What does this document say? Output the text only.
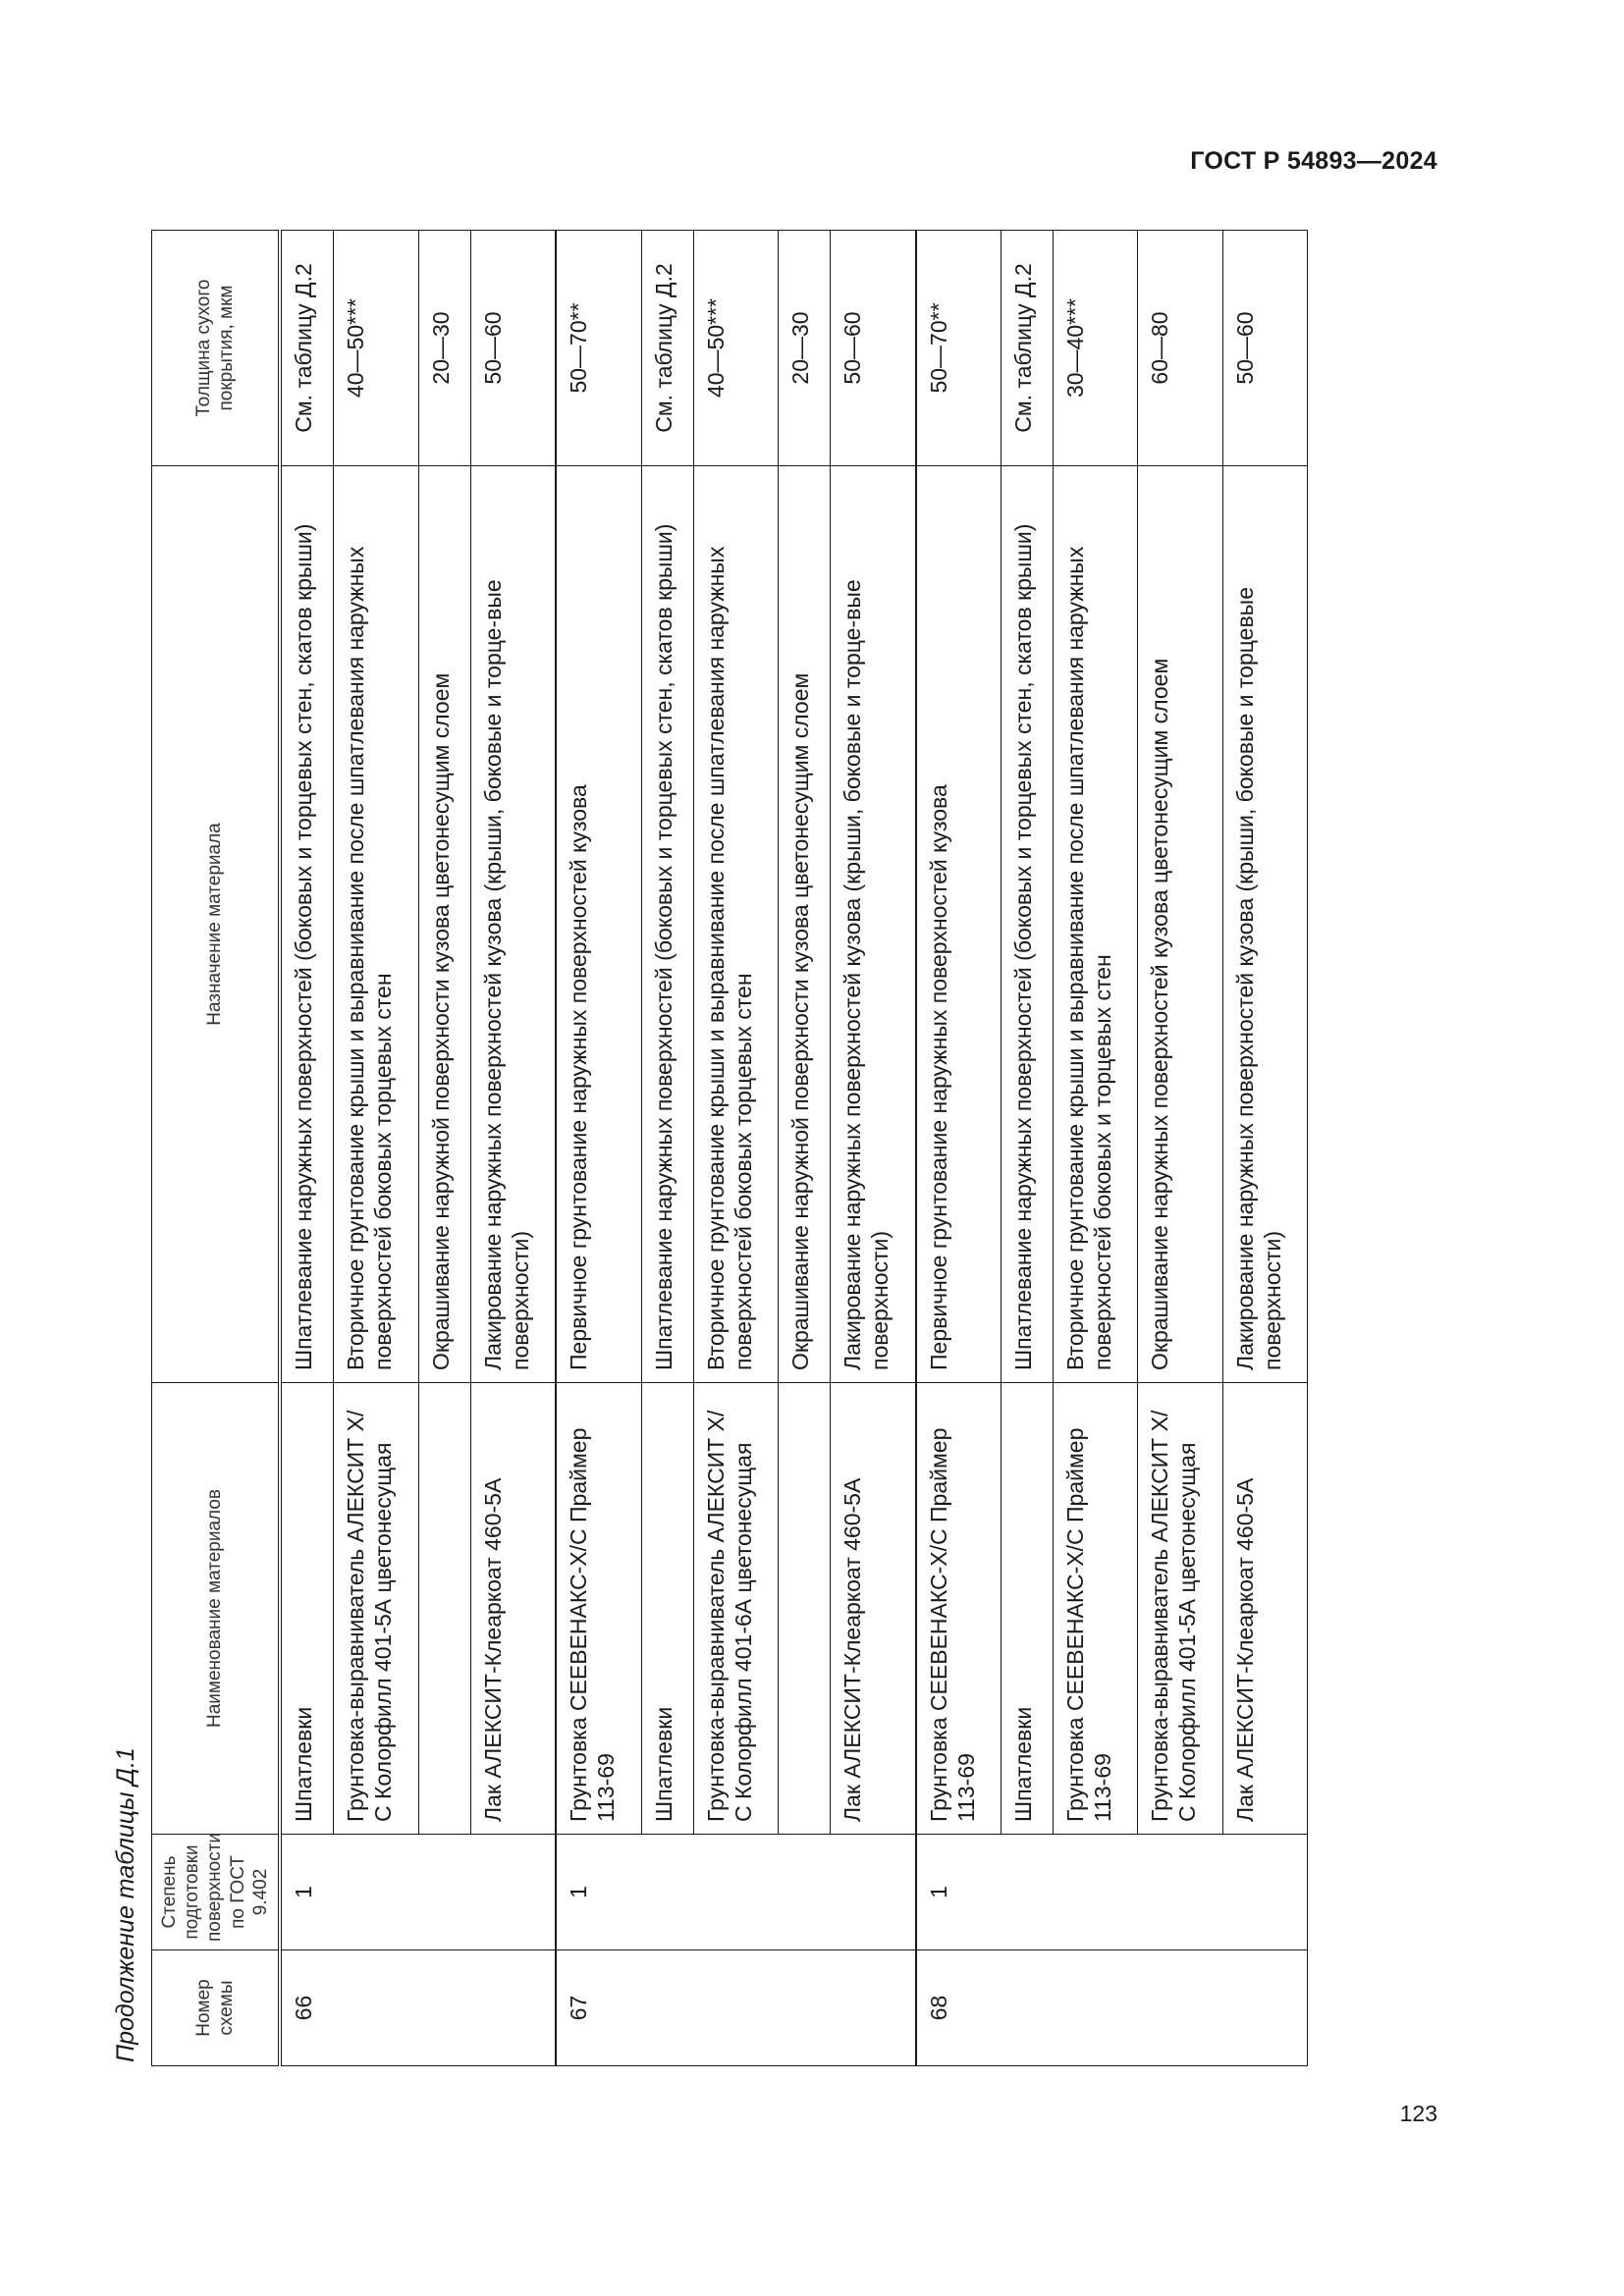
ГОСТ Р 54893—2024
Продолжение таблицы Д.1	Номер схемы	Степень подготовки поверхности по ГОСТ 9.402	Наименование материалов	Назначение материала	Толщина сухого покрытия, мкм
66	1	Шпатлевки	Шпатлевание наружных поверхностей (боковых и торцевых стен, скатов крыши)	См. таблицу Д.2
		Грунтовка-выравниватель АЛЕКСИТ Х/С Колорфилл 401-5А цветонесущая	Вторичное грунтование крыши и выравнивание после шпатлевания наружных поверхностей боковых торцевых стен	40—50***
			Окрашивание наружной поверхности кузова цветонесущим слоем	20—30
		Лак АЛЕКСИТ-Клеаркоат 460-5А	Лакирование наружных поверхностей кузова (крыши, боковые и торце-вые поверхности)	50—60
67	1	Грунтовка СЕЕВЕНАКС-Х/С Праймер 113-69	Первичное грунтование наружных поверхностей кузова	50—70**
		Шпатлевки	Шпатлевание наружных поверхностей (боковых и торцевых стен, скатов крыши)	См. таблицу Д.2
		Грунтовка-выравниватель АЛЕКСИТ Х/С Колорфилл 401-6А цветонесущая	Вторичное грунтование крыши и выравнивание после шпатлевания наружных поверхностей боковых торцевых стен	40—50***
			Окрашивание наружной поверхности кузова цветонесущим слоем	20—30
		Лак АЛЕКСИТ-Клеаркоат 460-5А	Лакирование наружных поверхностей кузова (крыши, боковые и торце-вые поверхности)	50—60
68	1	Грунтовка СЕЕВЕНАКС-Х/С Праймер 113-69	Первичное грунтование наружных поверхностей кузова	50—70**
		Шпатлевки	Шпатлевание наружных поверхностей (боковых и торцевых стен, скатов крыши)	См. таблицу Д.2
		Грунтовка СЕЕВЕНАКС-Х/С Праймер 113-69	Вторичное грунтование крыши и выравнивание после шпатлевания наружных поверхностей боковых и торцевых стен	30—40***
		Грунтовка-выравниватель АЛЕКСИТ Х/С Колорфилл 401-5А цветонесущая	Окрашивание наружных поверхностей кузова цветонесущим слоем	60—80
		Лак АЛЕКСИТ-Клеаркоат 460-5А	Лакирование наружных поверхностей кузова (крыши, боковые и торцевые поверхности)	50—60
123
